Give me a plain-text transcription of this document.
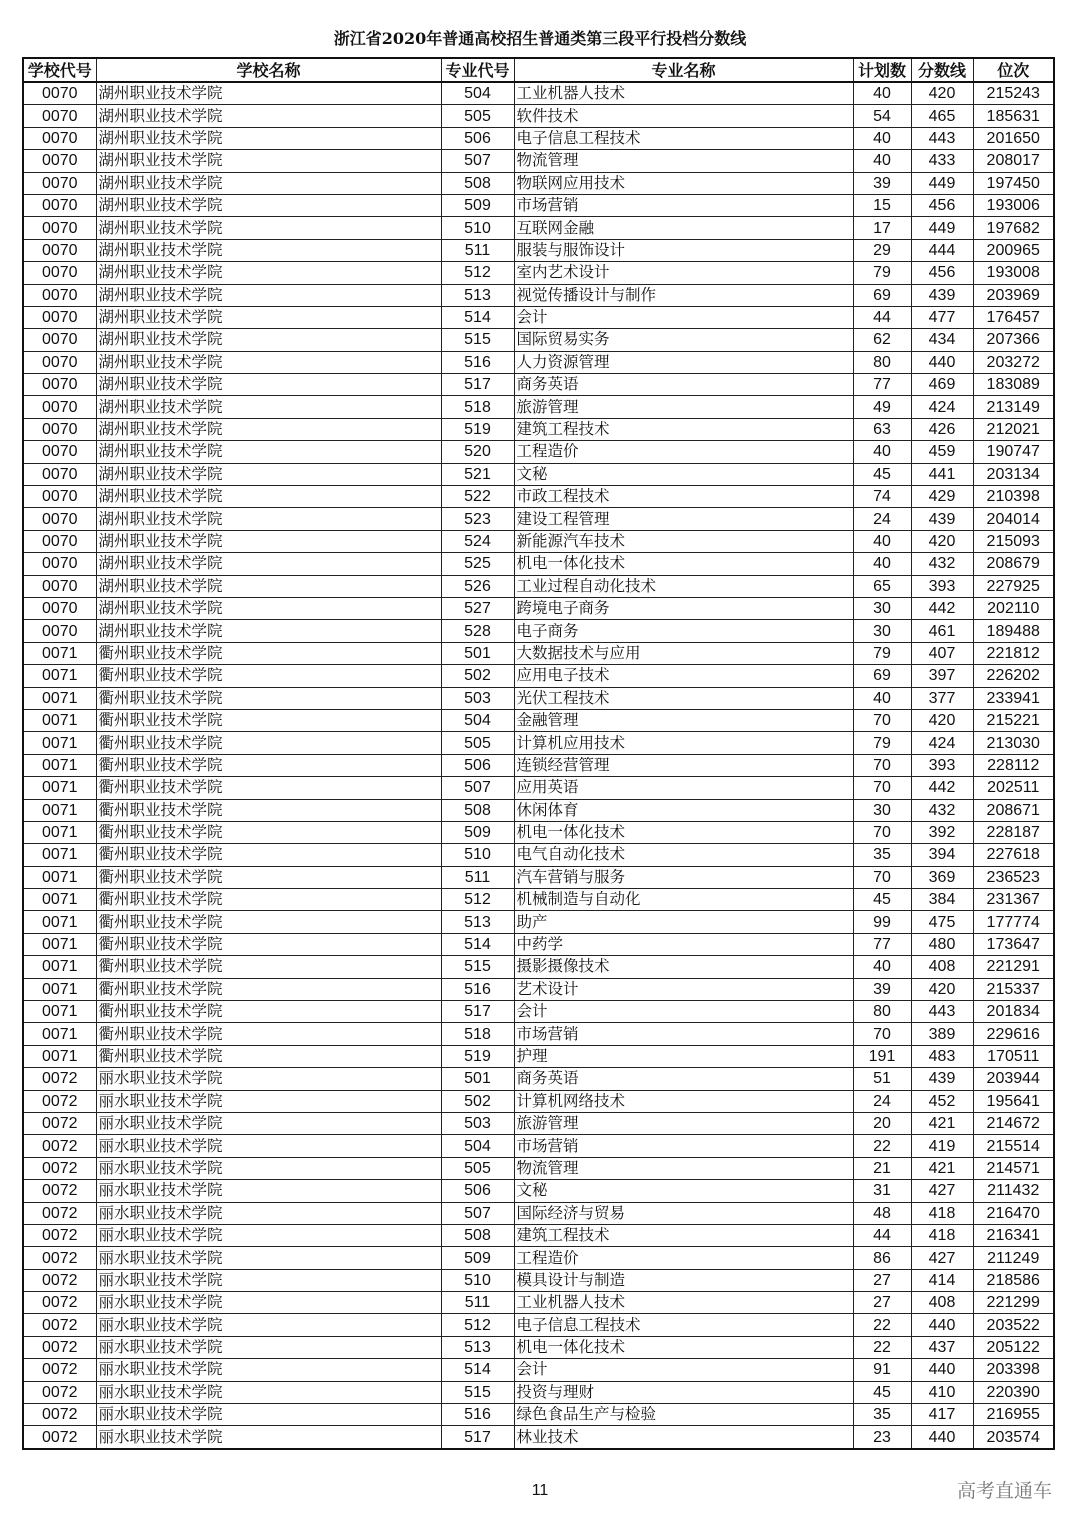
浙江省2020年普通高校招生普通类第三段平行投档分数线
学校代号	学校名称	专业代号	专业名称	计划数	分数线	位次
0070	湖州职业技术学院	504	工业机器人技术	40	420	215243
0070	湖州职业技术学院	505	软件技术	54	465	185631
0070	湖州职业技术学院	506	电子信息工程技术	40	443	201650
0070	湖州职业技术学院	507	物流管理	40	433	208017
0070	湖州职业技术学院	508	物联网应用技术	39	449	197450
0070	湖州职业技术学院	509	市场营销	15	456	193006
0070	湖州职业技术学院	510	互联网金融	17	449	197682
0070	湖州职业技术学院	511	服装与服饰设计	29	444	200965
0070	湖州职业技术学院	512	室内艺术设计	79	456	193008
0070	湖州职业技术学院	513	视觉传播设计与制作	69	439	203969
0070	湖州职业技术学院	514	会计	44	477	176457
0070	湖州职业技术学院	515	国际贸易实务	62	434	207366
0070	湖州职业技术学院	516	人力资源管理	80	440	203272
0070	湖州职业技术学院	517	商务英语	77	469	183089
0070	湖州职业技术学院	518	旅游管理	49	424	213149
0070	湖州职业技术学院	519	建筑工程技术	63	426	212021
0070	湖州职业技术学院	520	工程造价	40	459	190747
0070	湖州职业技术学院	521	文秘	45	441	203134
0070	湖州职业技术学院	522	市政工程技术	74	429	210398
0070	湖州职业技术学院	523	建设工程管理	24	439	204014
0070	湖州职业技术学院	524	新能源汽车技术	40	420	215093
0070	湖州职业技术学院	525	机电一体化技术	40	432	208679
0070	湖州职业技术学院	526	工业过程自动化技术	65	393	227925
0070	湖州职业技术学院	527	跨境电子商务	30	442	202110
0070	湖州职业技术学院	528	电子商务	30	461	189488
0071	衢州职业技术学院	501	大数据技术与应用	79	407	221812
0071	衢州职业技术学院	502	应用电子技术	69	397	226202
0071	衢州职业技术学院	503	光伏工程技术	40	377	233941
0071	衢州职业技术学院	504	金融管理	70	420	215221
0071	衢州职业技术学院	505	计算机应用技术	79	424	213030
0071	衢州职业技术学院	506	连锁经营管理	70	393	228112
0071	衢州职业技术学院	507	应用英语	70	442	202511
0071	衢州职业技术学院	508	休闲体育	30	432	208671
0071	衢州职业技术学院	509	机电一体化技术	70	392	228187
0071	衢州职业技术学院	510	电气自动化技术	35	394	227618
0071	衢州职业技术学院	511	汽车营销与服务	70	369	236523
0071	衢州职业技术学院	512	机械制造与自动化	45	384	231367
0071	衢州职业技术学院	513	助产	99	475	177774
0071	衢州职业技术学院	514	中药学	77	480	173647
0071	衢州职业技术学院	515	摄影摄像技术	40	408	221291
0071	衢州职业技术学院	516	艺术设计	39	420	215337
0071	衢州职业技术学院	517	会计	80	443	201834
0071	衢州职业技术学院	518	市场营销	70	389	229616
0071	衢州职业技术学院	519	护理	191	483	170511
0072	丽水职业技术学院	501	商务英语	51	439	203944
0072	丽水职业技术学院	502	计算机网络技术	24	452	195641
0072	丽水职业技术学院	503	旅游管理	20	421	214672
0072	丽水职业技术学院	504	市场营销	22	419	215514
0072	丽水职业技术学院	505	物流管理	21	421	214571
0072	丽水职业技术学院	506	文秘	31	427	211432
0072	丽水职业技术学院	507	国际经济与贸易	48	418	216470
0072	丽水职业技术学院	508	建筑工程技术	44	418	216341
0072	丽水职业技术学院	509	工程造价	86	427	211249
0072	丽水职业技术学院	510	模具设计与制造	27	414	218586
0072	丽水职业技术学院	511	工业机器人技术	27	408	221299
0072	丽水职业技术学院	512	电子信息工程技术	22	440	203522
0072	丽水职业技术学院	513	机电一体化技术	22	437	205122
0072	丽水职业技术学院	514	会计	91	440	203398
0072	丽水职业技术学院	515	投资与理财	45	410	220390
0072	丽水职业技术学院	516	绿色食品生产与检验	35	417	216955
0072	丽水职业技术学院	517	林业技术	23	440	203574
11	高考直通车
